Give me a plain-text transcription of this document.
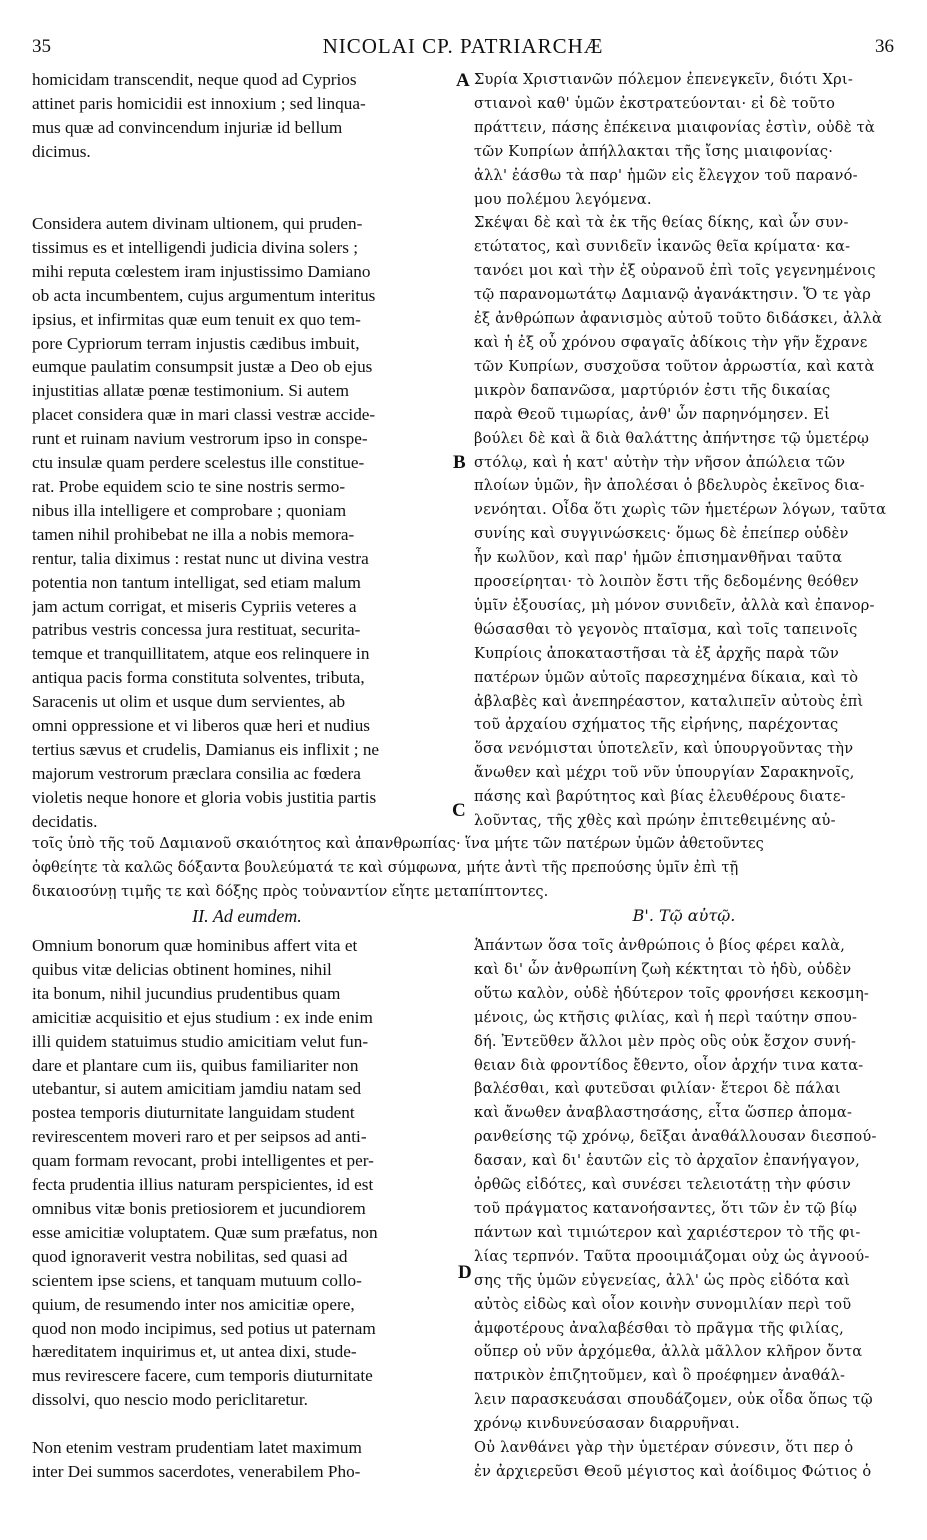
35	NICOLAI CP. PATRIARCHÆ	36
homicidam transcendit, neque quod ad Cyprios
attinet paris homicidii est innoxium ; sed linqua-
mus quæ ad convincendum injuriæ id bellum
dicimus.
Considera autem divinam ultionem, qui pruden-
tissimus es et intelligendi judicia divina solers ;
mihi reputa cœlestem iram injustissimo Damiano
ob acta incumbentem, cujus argumentum interitus
ipsius, et infirmitas quæ eum tenuit ex quo tem-
pore Cypriorum terram injustis cædibus imbuit,
eumque paulatim consumpsit justæ a Deo ob ejus
injustitias allatæ pœnæ testimonium. Si autem
placet considera quæ in mari classi vestræ accide-
runt et ruinam navium vestrorum ipso in conspe-
ctu insulæ quam perdere scelestus ille constitue-
rat. Probe equidem scio te sine nostris sermo-
nibus illa intelligere et comprobare ; quoniam
tamen nihil prohibebat ne illa a nobis memora-
rentur, talia diximus : restat nunc ut divina vestra
potentia non tantum intelligat, sed etiam malum
jam actum corrigat, et miseris Cypriis veteres a
patribus vestris concessa jura restituat, securita-
temque et tranquillitatem, atque eos relinquere in
antiqua pacis forma constituta solventes, tributa,
Saracenis ut olim et usque dum servientes, ab
omni oppressione et vi liberos quæ heri et nudius
tertius sævus et crudelis, Damianus eis inflixit ; ne
majorum vestrorum præclara consilia ac fœdera
violetis neque honore et gloria vobis justitia partis
decidatis.
Συρία Χριστιανῶν πόλεμον ἐπενεγκεῖν, διότι Χρι-
στιανοὶ καθ' ὑμῶν ἐκστρατεύονται· εἰ δὲ τοῦτο
πράττειν, πάσης ἐπέκεινα μιαιφονίας ἐστὶν, οὐδὲ τὰ
τῶν Κυπρίων ἀπήλλακται τῆς ἴσης μιαιφονίας·
ἀλλ' ἐάσθω τὰ παρ' ἡμῶν εἰς ἔλεγχον τοῦ παρανό-
μου πολέμου λεγόμενα.
Σκέψαι δὲ καὶ τὰ ἐκ τῆς θείας δίκης, καὶ ὧν συν-
ετώτατος, καὶ συνιδεῖν ἱκανῶς θεῖα κρίματα· κα-
τανόει μοι καὶ τὴν ἐξ οὐρανοῦ ἐπὶ τοῖς γεγενημένοις
τῷ παρανομωτάτῳ Δαμιανῷ ἀγανάκτησιν. Ὅ τε γὰρ
ἐξ ἀνθρώπων ἀφανισμὸς αὐτοῦ τοῦτο διδάσκει, ἀλλὰ
καὶ ἡ ἐξ οὗ χρόνου σφαγαῖς ἀδίκοις τὴν γῆν ἔχρανε
τῶν Κυπρίων, συσχοῦσα τοῦτον ἀρρωστία, καὶ κατὰ
μικρὸν δαπανῶσα, μαρτύριόν ἐστι τῆς δικαίας
παρὰ Θεοῦ τιμωρίας, ἀνθ' ὧν παρηνόμησεν. Εἰ
βούλει δὲ καὶ ἃ διὰ θαλάττης ἀπήντησε τῷ ὑμετέρῳ
στόλῳ, καὶ ἡ κατ' αὐτὴν τὴν νῆσον ἀπώλεια τῶν
πλοίων ὑμῶν, ἣν ἀπολέσαι ὁ βδελυρὸς ἐκεῖνος δια-
νενόηται. Οἶδα ὅτι χωρὶς τῶν ἡμετέρων λόγων, ταῦτα
συνίης καὶ συγγινώσκεις· ὅμως δὲ ἐπείπερ οὐδὲν
ἦν κωλῦον, καὶ παρ' ἡμῶν ἐπισημανθῆναι ταῦτα
προσείρηται· τὸ λοιπὸν ἔστι τῆς δεδομένης θεόθεν
ὑμῖν ἐξουσίας, μὴ μόνον συνιδεῖν, ἀλλὰ καὶ ἐπανορ-
θώσασθαι τὸ γεγονὸς πταῖσμα, καὶ τοῖς ταπεινοῖς
Κυπρίοις ἀποκαταστῆσαι τὰ ἐξ ἀρχῆς παρὰ τῶν
πατέρων ὑμῶν αὐτοῖς παρεσχημένα δίκαια, καὶ τὸ
ἀβλαβὲς καὶ ἀνεπηρέαστον, καταλιπεῖν αὐτοὺς ἐπὶ
τοῦ ἀρχαίου σχήματος τῆς εἰρήνης, παρέχοντας
ὅσα νενόμισται ὑποτελεῖν, καὶ ὑπουργοῦντας τὴν
ἄνωθεν καὶ μέχρι τοῦ νῦν ὑπουργίαν Σαρακηνοῖς,
πάσης καὶ βαρύτητος καὶ βίας ἐλευθέρους διατε-
λοῦντας, τῆς χθὲς καὶ πρώην ἐπιτεθειμένης αὐ-
A
B
C
D
τοῖς ὑπὸ τῆς τοῦ Δαμιανοῦ σκαιότητος καὶ ἀπανθρωπίας· ἵνα μήτε τῶν πατέρων ὑμῶν ἀθετοῦντες
ὀφθείητε τὰ καλῶς δόξαντα βουλεύματά τε καὶ σύμφωνα, μήτε ἀντὶ τῆς πρεπούσης ὑμῖν ἐπὶ τῇ
δικαιοσύνῃ τιμῆς τε καὶ δόξης πρὸς τοὐναντίον εἴητε μεταπίπτοντες.
II. Ad eumdem.	Β'. Τῷ αὐτῷ.
Omnium bonorum quæ hominibus affert vita et
quibus vitæ delicias obtinent homines, nihil
ita bonum, nihil jucundius prudentibus quam
amicitiæ acquisitio et ejus studium : ex inde enim
illi quidem statuimus studio amicitiam velut fun-
dare et plantare cum iis, quibus familiariter non
utebantur, si autem amicitiam jamdiu natam sed
postea temporis diuturnitate languidam student
revirescentem moveri raro et per seipsos ad anti-
quam formam revocant, probi intelligentes et per-
fecta prudentia illius naturam perspicientes, id est
omnibus vitæ bonis pretiosiorem et jucundiorem
esse amicitiæ voluptatem. Quæ sum præfatus, non
quod ignoraverit vestra nobilitas, sed quasi ad
scientem ipse sciens, et tanquam mutuum collo-
quium, de resumendo inter nos amicitiæ opere,
quod non modo incipimus, sed potius ut paternam
hæreditatem inquirimus et, ut antea dixi, stude-
mus revirescere facere, cum temporis diuturnitate
dissolvi, quo nescio modo periclitaretur.
Ἁπάντων ὅσα τοῖς ἀνθρώποις ὁ βίος φέρει καλὰ,
καὶ δι' ὧν ἀνθρωπίνη ζωὴ κέκτηται τὸ ἡδὺ, οὐδὲν
οὕτω καλὸν, οὐδὲ ἡδύτερον τοῖς φρονήσει κεκοσμη-
μένοις, ὡς κτῆσις φιλίας, καὶ ἡ περὶ ταύτην σπου-
δή. Ἐντεῦθεν ἄλλοι μὲν πρὸς οὓς οὐκ ἔσχον συνή-
θειαν διὰ φροντίδος ἔθεντο, οἷον ἀρχήν τινα κατα-
βαλέσθαι, καὶ φυτεῦσαι φιλίαν· ἕτεροι δὲ πάλαι
καὶ ἄνωθεν ἀναβλαστησάσης, εἶτα ὥσπερ ἀπομα-
ρανθείσης τῷ χρόνῳ, δεῖξαι ἀναθάλλουσαν διεσπού-
δασαν, καὶ δι' ἑαυτῶν εἰς τὸ ἀρχαῖον ἐπανήγαγον,
ὀρθῶς εἰδότες, καὶ συνέσει τελειοτάτῃ τὴν φύσιν
τοῦ πράγματος κατανοήσαντες, ὅτι τῶν ἐν τῷ βίῳ
πάντων καὶ τιμιώτερον καὶ χαριέστερον τὸ τῆς φι-
λίας τερπνόν. Ταῦτα προοιμιάζομαι οὐχ ὡς ἀγνοού-
σης τῆς ὑμῶν εὐγενείας, ἀλλ' ὡς πρὸς εἰδότα καὶ
αὐτὸς εἰδὼς καὶ οἷον κοινὴν συνομιλίαν περὶ τοῦ
ἀμφοτέρους ἀναλαβέσθαι τὸ πρᾶγμα τῆς φιλίας,
οὕπερ οὐ νῦν ἀρχόμεθα, ἀλλὰ μᾶλλον κλῆρον ὄντα
πατρικὸν ἐπιζητοῦμεν, καὶ ὃ προέφημεν ἀναθάλ-
λειν παρασκευάσαι σπουδάζομεν, οὐκ οἶδα ὅπως τῷ
χρόνῳ κινδυνεύσασαν διαρρυῆναι.
Non etenim vestram prudentiam latet maximum
inter Dei summos sacerdotes, venerabilem Pho-
Οὐ λανθάνει γὰρ τὴν ὑμετέραν σύνεσιν, ὅτι περ ὁ
ἐν ἀρχιερεῦσι Θεοῦ μέγιστος καὶ ἀοίδιμος Φώτιος ὁ
